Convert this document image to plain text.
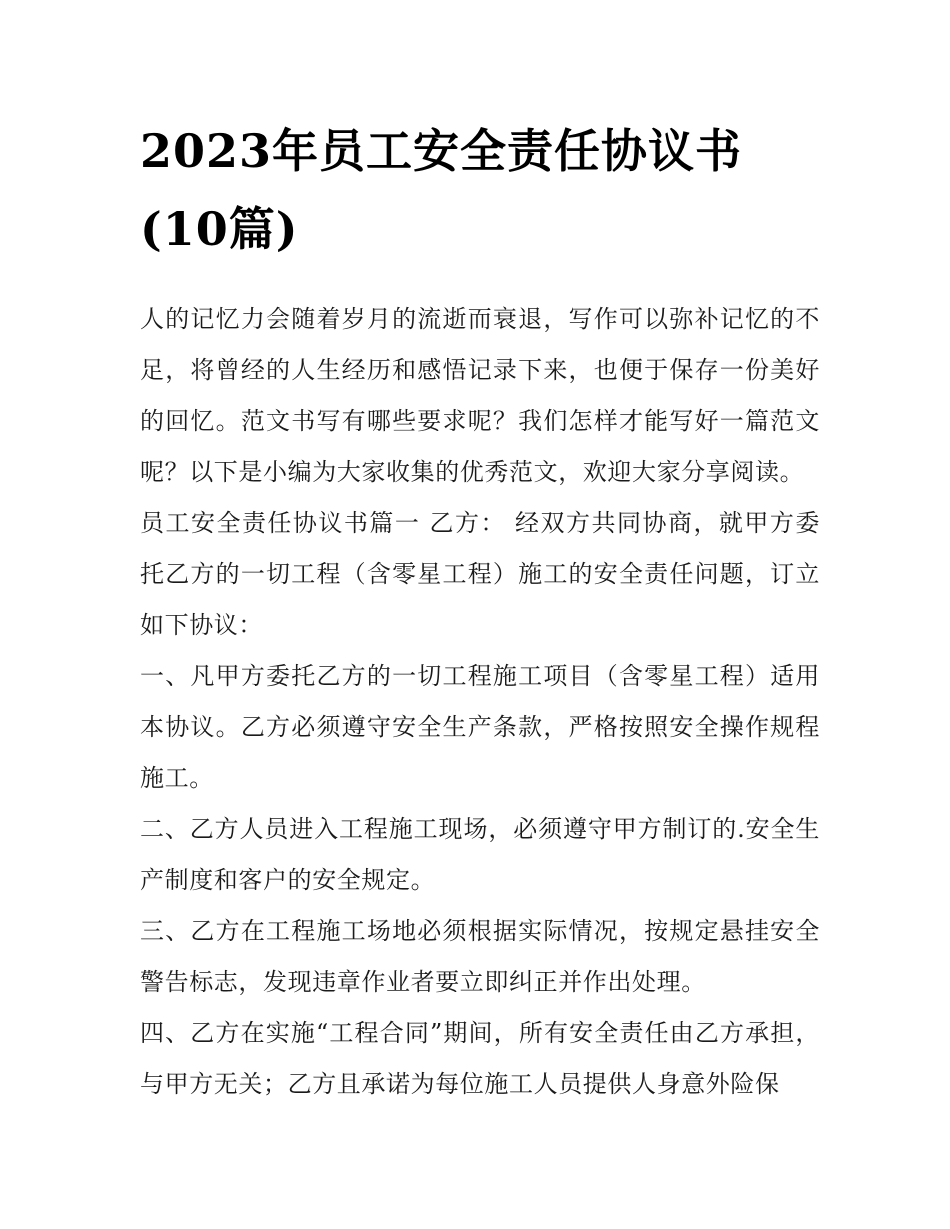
2023年员工安全责任协议书
(10篇)

人的记忆力会随着岁月的流逝而衰退，写作可以弥补记忆的不足，将曾经的人生经历和感悟记录下来，也便于保存一份美好的回忆。范文书写有哪些要求呢？我们怎样才能写好一篇范文呢？以下是小编为大家收集的优秀范文，欢迎大家分享阅读。

员工安全责任协议书篇一 乙方： 经双方共同协商，就甲方委托乙方的一切工程（含零星工程）施工的安全责任问题，订立如下协议：

一、凡甲方委托乙方的一切工程施工项目（含零星工程）适用本协议。乙方必须遵守安全生产条款，严格按照安全操作规程施工。

二、乙方人员进入工程施工现场，必须遵守甲方制订的.安全生产制度和客户的安全规定。

三、乙方在工程施工场地必须根据实际情况，按规定悬挂安全警告标志，发现违章作业者要立即纠正并作出处理。

四、乙方在实施“工程合同”期间，所有安全责任由乙方承担，与甲方无关；乙方且承诺为每位施工人员提供人身意外险保
